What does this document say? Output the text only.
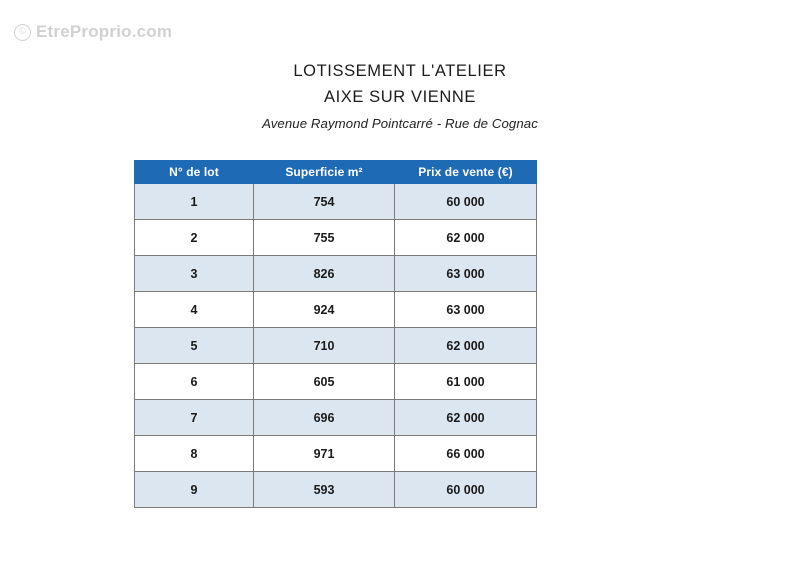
© EtreProprio.com
LOTISSEMENT L'ATELIER
AIXE SUR VIENNE
Avenue Raymond Pointcarré - Rue de Cognac
N° de lot	Superficie m²	Prix de vente (€)
1	754	60 000
2	755	62 000
3	826	63 000
4	924	63 000
5	710	62 000
6	605	61 000
7	696	62 000
8	971	66 000
9	593	60 000
